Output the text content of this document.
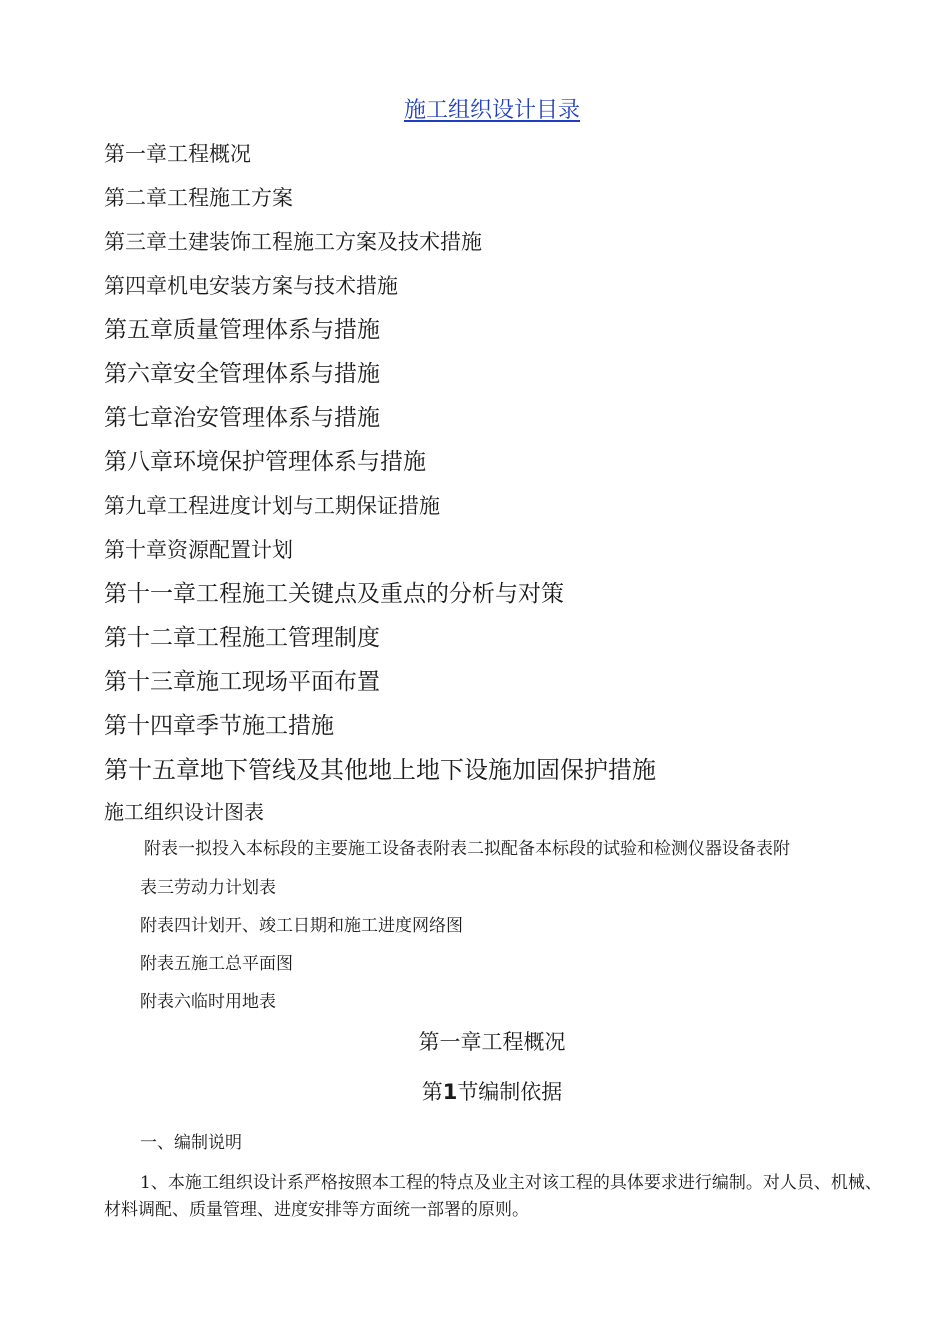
施工组织设计目录
第一章工程概况
第二章工程施工方案
第三章土建装饰工程施工方案及技术措施
第四章机电安装方案与技术措施
第五章质量管理体系与措施
第六章安全管理体系与措施
第七章治安管理体系与措施
第八章环境保护管理体系与措施
第九章工程进度计划与工期保证措施
第十章资源配置计划
第十一章工程施工关键点及重点的分析与对策
第十二章工程施工管理制度
第十三章施工现场平面布置
第十四章季节施工措施
第十五章地下管线及其他地上地下设施加固保护措施
施工组织设计图表
附表一拟投入本标段的主要施工设备表附表二拟配备本标段的试验和检测仪器设备表附
表三劳动力计划表
附表四计划开、竣工日期和施工进度网络图
附表五施工总平面图
附表六临时用地表
第一章工程概况
第1节编制依据
一、编制说明
1、本施工组织设计系严格按照本工程的特点及业主对该工程的具体要求进行编制。对人员、机械、材料调配、质量管理、进度安排等方面统一部署的原则。
